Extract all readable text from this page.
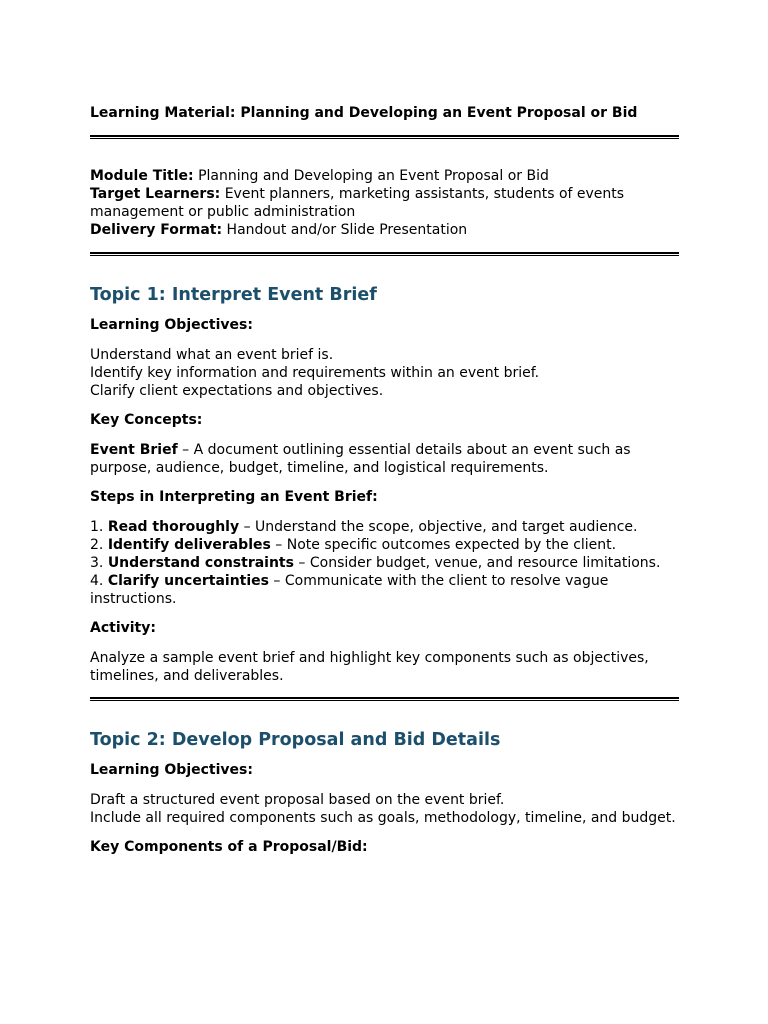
Learning Material: Planning and Developing an Event Proposal or Bid
Module Title: Planning and Developing an Event Proposal or Bid
Target Learners: Event planners, marketing assistants, students of events management or public administration
Delivery Format: Handout and/or Slide Presentation
Topic 1: Interpret Event Brief

Learning Objectives:

Understand what an event brief is.
Identify key information and requirements within an event brief.
Clarify client expectations and objectives.

Key Concepts:

Event Brief – A document outlining essential details about an event such as purpose, audience, budget, timeline, and logistical requirements.

Steps in Interpreting an Event Brief:

1. Read thoroughly – Understand the scope, objective, and target audience.
2. Identify deliverables – Note specific outcomes expected by the client.
3. Understand constraints – Consider budget, venue, and resource limitations.
4. Clarify uncertainties – Communicate with the client to resolve vague instructions.

Activity:

Analyze a sample event brief and highlight key components such as objectives, timelines, and deliverables.

Topic 2: Develop Proposal and Bid Details

Learning Objectives:

Draft a structured event proposal based on the event brief.
Include all required components such as goals, methodology, timeline, and budget.

Key Components of a Proposal/Bid:
